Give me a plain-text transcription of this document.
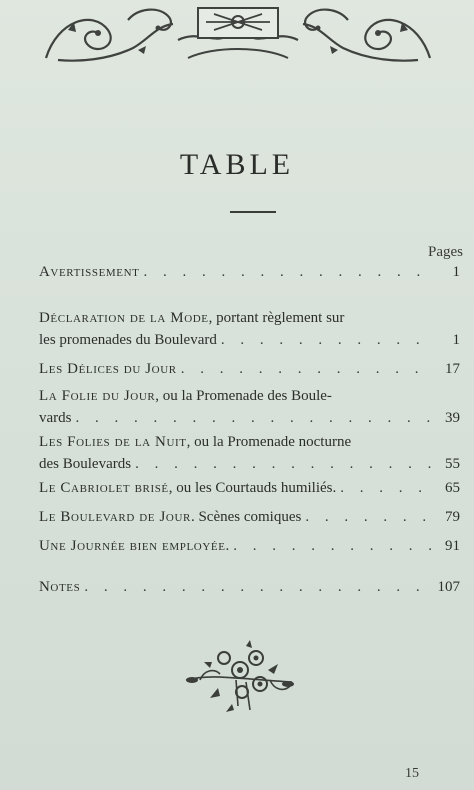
TABLE
Pages
Avertissement . . .	1
Déclaration de la Mode, portant règlement sur
les promenades du Boulevard . . .	1
Les Délices du Jour . . .	17
La Folie du Jour, ou la Promenade des Boule-
vards . . .	39
Les Folies de la Nuit, ou la Promenade nocturne
des Boulevards . . .	55
Le Cabriolet brisé, ou les Courtauds humiliés. . . .	65
Le Boulevard de Jour. Scènes comiques . . .	79
Une Journée bien employée. . . .	91
Notes . . .	107
15
